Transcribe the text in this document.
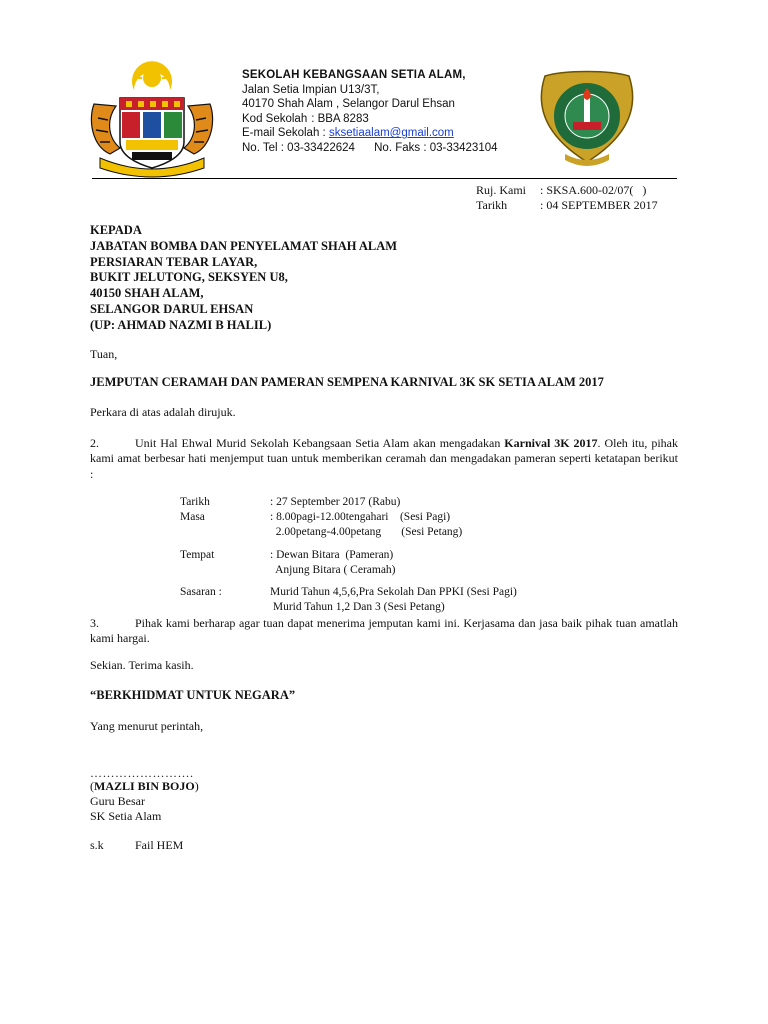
SEKOLAH KEBANGSAAN SETIA ALAM,
Jalan Setia Impian U13/3T,
40170 Shah Alam , Selangor Darul Ehsan
Kod Sekolah : BBA 8283
E-mail Sekolah : sksetiaalam@gmail.com
No. Tel : 03-33422624      No. Faks : 03-33423104
Ruj. Kami	: SKSA.600-02/07(   )
Tarikh	: 04 SEPTEMBER 2017
KEPADA
JABATAN BOMBA DAN PENYELAMAT SHAH ALAM
PERSIARAN TEBAR LAYAR,
BUKIT JELUTONG, SEKSYEN U8,
40150 SHAH ALAM,
SELANGOR DARUL EHSAN
(UP: AHMAD NAZMI B HALIL)
Tuan,
JEMPUTAN CERAMAH DAN PAMERAN SEMPENA KARNIVAL 3K SK SETIA ALAM 2017
Perkara di atas adalah dirujuk.
2.	Unit Hal Ehwal Murid Sekolah Kebangsaan Setia Alam akan mengadakan Karnival 3K 2017. Oleh itu, pihak kami amat berbesar hati menjemput tuan untuk memberikan ceramah dan mengadakan pameran seperti ketatapan berikut :
Tarikh	: 27 September 2017 (Rabu)
Masa	: 8.00pagi-12.00tengahari    (Sesi Pagi)
2.00petang-4.00petang       (Sesi Petang)
Tempat	: Dewan Bitara  (Pameran)
Anjung Bitara ( Ceramah)
Sasaran :	Murid Tahun 4,5,6,Pra Sekolah Dan PPKI (Sesi Pagi)
Murid Tahun 1,2 Dan 3 (Sesi Petang)
3.	Pihak kami berharap agar tuan dapat menerima jemputan kami ini. Kerjasama dan jasa baik pihak tuan amatlah kami hargai.
Sekian. Terima kasih.
“BERKHIDMAT UNTUK NEGARA”
Yang menurut perintah,
…………………….
(MAZLI BIN BOJO)
Guru Besar
SK Setia Alam
s.k	Fail HEM
